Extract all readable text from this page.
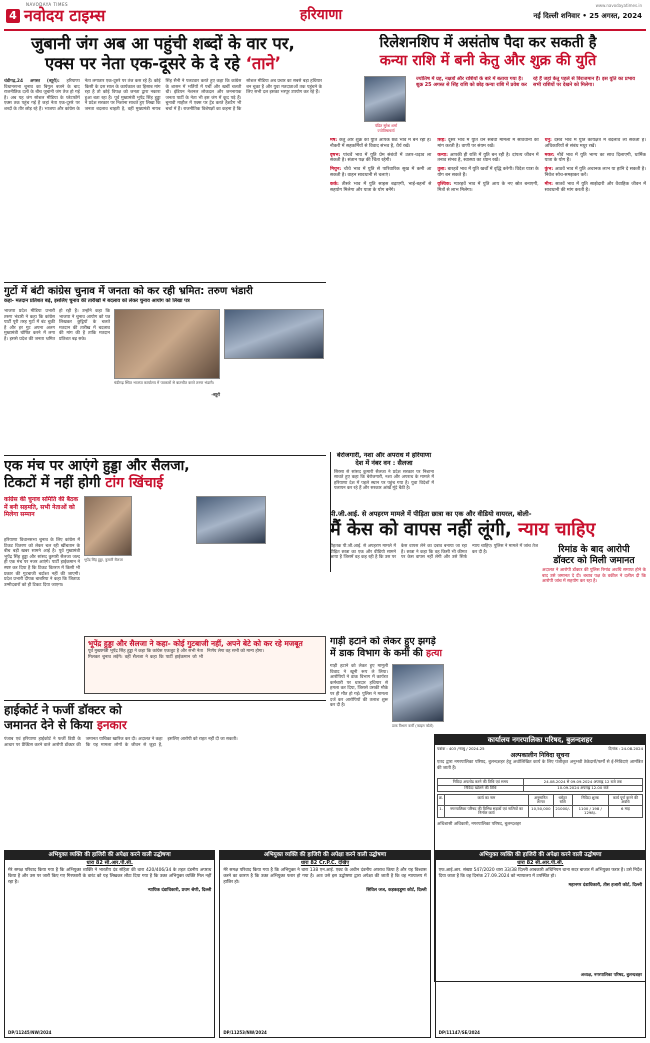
4
NAVODAYA TIMES
नवोदय टाइम्स	हरियाणा	नई दिल्ली शनिवार • 25 अगस्त, 2024
www.navodayatimes.in
जुबानी जंग अब आ पहुंची शब्दों के वार पर,
एक्स पर नेता एक-दूसरे के दे रहे ‘ताने’
चंडीगढ़,24 अगस्त (ब्यूरो): हरियाणा विधानसभा चुनाव का बिगुल बजने के बाद राजनीतिक दलों के बीच जुबानी जंग तेज हो गई है। अब यह जंग सोशल मीडिया के प्लेटफॉर्म एक्स तक पहुंच गई है जहां नेता एक-दूसरे पर शब्दों के तीर छोड़ रहे हैं। भाजपा और कांग्रेस के नेता लगातार एक-दूसरे पर तंज कस रहे हैं। कोई किसी के दस साल के कार्यकाल का हिसाब मांग रहा है तो कोई विपक्ष को जनता द्वारा नकारा हुआ बता रहा है। पूर्व मुख्यमंत्री भूपेंद्र सिंह हुड्डा ने प्रदेश सरकार पर निशाना साधते हुए लिखा कि जनता बदलाव चाहती है, वहीं मुख्यमंत्री नायब सिंह सैनी ने पलटवार करते हुए कहा कि कांग्रेस के शासन में भर्तियों में पर्ची और खर्ची चलती थी। इंडियन नेशनल लोकदल और जननायक जनता पार्टी के नेता भी इस जंग में कूद पड़े हैं। चुनावी माहौल में एक्स पर ट्रेंड करते हैशटैग भी चर्चा में हैं। राजनीतिक विशेषज्ञों का कहना है कि सोशल मीडिया अब प्रचार का सबसे बड़ा हथियार बन चुका है और युवा मतदाताओं तक पहुंचने के लिए सभी दल इसका भरपूर उपयोग कर रहे हैं।
रिलेशनशिप में असंतोष पैदा कर सकती है
कन्या राशि में बनी केतु और शुक्र की युति
पंडित सुरेश शर्मा
ज्योतिषाचार्य
ज्योतिष में ग्रह, नक्षत्रों और राशियों के बारे में बताया गया है। शुक्र 25 अगस्त से सिंह राशि को छोड़ कन्या राशि में प्रवेश कर रहे हैं जहां केतु पहले से विराजमान हैं। इस युति का प्रभाव सभी राशियों पर देखने को मिलेगा।
मेष: केतु और शुक्र की युति आपके छठे भाव में बन रही है। नौकरी में सहकर्मियों से विवाद संभव है, धैर्य रखें।
वृषभ: पांचवें भाव में युति प्रेम संबंधों में उतार-चढ़ाव ला सकती है। संतान पक्ष की चिंता रहेगी।
मिथुन: चौथे भाव में युति से पारिवारिक सुख में कमी आ सकती है। वाहन सावधानी से चलाएं।
कर्क: तीसरे भाव में युति साहस बढ़ाएगी, भाई-बहनों से सहयोग मिलेगा और यात्रा के योग बनेंगे।
सिंह: दूसरे भाव में युति धन संबंधी मामलों में सावधानी की मांग करती है। वाणी पर संयम रखें।
कन्या: आपकी ही राशि में युति बन रही है। दांपत्य जीवन में तनाव संभव है, स्वास्थ्य का ध्यान रखें।
तुला: बारहवें भाव में युति खर्चों में वृद्धि करेगी। विदेश यात्रा के योग बन सकते हैं।
वृश्चिक: ग्यारहवें भाव में युति आय के नए स्रोत बनाएगी, मित्रों से लाभ मिलेगा।
धनु: दसवें भाव में युति कार्यक्षेत्र में बदलाव ला सकती है। अधिकारियों से संबंध मधुर रखें।
मकर: नौवें भाव में युति भाग्य का साथ दिलाएगी, धार्मिक यात्रा के योग हैं।
कुंभ: आठवें भाव में युति अचानक लाभ या हानि दे सकती है। निवेश सोच-समझकर करें।
मीन: सातवें भाव में युति साझेदारी और वैवाहिक जीवन में सावधानी की मांग करती है।
गुटों में बंटी कांग्रेस चुनाव में जनता को कर रही भ्रमित: तरुण भंडारी
कहा- मतदान प्रतिशत बढ़े, इसलिए चुनाव की तारीखों में बदलाव को लेकर चुनाव आयोग को लिखा पत्र
भाजपा प्रदेश मीडिया प्रभारी तरुण भंडारी ने कहा कि कांग्रेस पार्टी पूरी तरह गुटों में बंट चुकी है और हर गुट अपना अलग मुख्यमंत्री घोषित करने में लगा है। इससे प्रदेश की जनता भ्रमित हो रही है। उन्होंने कहा कि भाजपा ने चुनाव आयोग को पत्र लिखकर छुट्टियों के चलते मतदान की तारीख में बदलाव की मांग की है ताकि मतदान प्रतिशत बढ़ सके।
चंडीगढ़ स्थित भाजपा कार्यालय में पत्रकारों से बातचीत करते तरुण भंडारी।
-ब्यूरो
एक मंच पर आएंगे हुड्डा और सैलजा,
टिकटों में नहीं होगी टांग खिंचाई
कांग्रेस की चुनाव समिति की बैठक में बनी सहमति, सभी नेताओं को मिलेगा सम्मान
हरियाणा विधानसभा चुनाव के लिए कांग्रेस में टिकट वितरण को लेकर चल रही खींचतान के बीच बड़ी खबर सामने आई है। पूर्व मुख्यमंत्री भूपेंद्र सिंह हुड्डा और सांसद कुमारी सैलजा जल्द ही एक मंच पर नजर आएंगे। पार्टी हाईकमान ने स्पष्ट कर दिया है कि टिकट वितरण में किसी भी प्रकार की गुटबाजी बर्दाश्त नहीं की जाएगी। प्रदेश प्रभारी दीपक बाबरिया ने कहा कि जिताऊ उम्मीदवारों को ही टिकट दिया जाएगा।
भूपेंद्र सिंह हुड्डा, कुमारी सैलजा
भूपेंद्र हुड्डा और सैलजा ने कहा- कोई गुटबाजी नहीं, अपने बेटे को कर रहे मजबूत
पूर्व मुख्यमंत्री भूपेंद्र सिंह हुड्डा ने कहा कि कांग्रेस एकजुट है और सभी नेता मिलकर चुनाव लड़ेंगे। वहीं सैलजा ने कहा कि पार्टी हाईकमान जो भी निर्णय लेगा वह सभी को मान्य होगा।
बेरोजगारी, नशा और अपराध में हरियाणा देश में नंबर वन : सैलजा
सिरसा से सांसद कुमारी सैलजा ने प्रदेश सरकार पर निशाना साधते हुए कहा कि बेरोजगारी, नशा और अपराध के मामले में हरियाणा देश में पहले स्थान पर पहुंच गया है। युवा विदेशों में पलायन कर रहे हैं और सरकार आंखें मूंदे बैठी है।
पी.जी.आई. से अपहरण मामले में पीड़िता छात्रा का एक और वीडियो वायरल, बोली-
मैं केस को वापस नहीं लूंगी, न्याय चाहिए
रोहतक पी.जी.आई. से अपहरण मामले में पीड़ित छात्रा का एक और वीडियो सामने आया है जिसमें वह कह रही है कि उस पर केस वापस लेने का दबाव बनाया जा रहा है। छात्रा ने कहा कि वह किसी भी कीमत पर केस वापस नहीं लेगी और उसे सिर्फ न्याय चाहिए। पुलिस ने मामले में जांच तेज कर दी है।	रिमांड के बाद आरोपी
डॉक्टर को मिली जमानत
अदालत ने आरोपी डॉक्टर की पुलिस रिमांड अवधि समाप्त होने के बाद उसे जमानत दे दी। बचाव पक्ष के वकील ने दलील दी कि आरोपी जांच में सहयोग कर रहा है।
गाड़ी हटाने को लेकर हुए झगड़े
में डाक विभाग के कर्मी की हत्या
गाड़ी हटाने को लेकर हुए मामूली विवाद ने खूनी रूप ले लिया। आरोपियों ने डाक विभाग में कार्यरत कर्मचारी पर धारदार हथियार से हमला कर दिया, जिससे उसकी मौके पर ही मौत हो गई। पुलिस ने मामला दर्ज कर आरोपियों की तलाश शुरू कर दी है।
डाक विभाग कर्मी (फाइल फोटो)
कार्यालय नगरपालिका परिषद, बुलन्दशहर
पत्रांक : 403 /नपबु / 2024-25	दिनांक : 24.08.2024
अल्पकालीन निविदा सूचना
एतद द्वारा नगरपालिका परिषद, बुलन्दशहर हेतु अधोलिखित कार्य के लिए पंजीकृत अनुभवी ठेकेदारों/फर्मों से ई-निविदाएं आमंत्रित की जाती हैं।
निविदा अपलोड करने की तिथि एवं समय	24.08.2024 से 09.09.2024 अपराह्न 12 बजे तक
निविदा खोलने की तिथि	10.09.2024 अपराह्न 12.00 बजे
क्र.	कार्य का नाम	अनुमानित लागत	धरोहर राशि	निविदा शुल्क	कार्य पूर्ण करने की अवधि
1.	नगरपालिका परिषद की विभिन्न सड़कों एवं नालियों का निर्माण कार्य	10,50,000	21000/-	1100 / 198 / 1298/-	6 माह
अधिशासी अधिकारी, नगरपालिका परिषद, बुलन्दशहर
अध्यक्ष, नगरपालिका परिषद, बुलन्दशहर
हाईकोर्ट ने फर्जी डॉक्टर को
जमानत देने से किया इनकार
पंजाब एवं हरियाणा हाईकोर्ट ने फर्जी डिग्री के आधार पर प्रैक्टिस करने वाले आरोपी डॉक्टर की जमानत याचिका खारिज कर दी। अदालत ने कहा कि यह मामला लोगों के जीवन से जुड़ा है, इसलिए आरोपी को राहत नहीं दी जा सकती।
अभियुक्त व्यक्ति की हाजिरी की अपेक्षा करने वाली उद्घोषणा
धारा 82 सी.आर.पी.सी.
मेरे समक्ष परिवाद किया गया है कि अभियुक्त व्यक्ति ने भारतीय दंड संहिता की धारा 420/406/34 के तहत दंडनीय अपराध किया है और उस पर जारी किए गए गिरफ्तारी के वारंट को यह लिखकर लौटा दिया गया है कि उक्त अभियुक्त व्यक्ति मिल नहीं रहा है।
न्यायिक दंडाधिकारी, प्रथम श्रेणी, दिल्ली
DP/11245/NW/2024
अभियुक्त व्यक्ति की हाजिरी की अपेक्षा करने वाली उद्घोषणा
धारा 82 Cr.P.C. देखिए
मेरे समक्ष परिवाद किया गया है कि अभियुक्त ने धारा 138 एन.आई. एक्ट के अधीन दंडनीय अपराध किया है और यह विश्वास करने का कारण है कि उक्त अभियुक्त फरार हो गया है। अतः उसे इस उद्घोषणा द्वारा अपेक्षा की जाती है कि वह न्यायालय में हाजिर हो।
सिविल जज, कड़कड़डूमा कोर्ट, दिल्ली
DP/11253/NW/2024
अभियुक्त व्यक्ति की हाजिरी की अपेक्षा करने वाली उद्घोषणा
धारा 82 सी.आर.पी.सी.
एफ.आई.आर. संख्या 547/2020 धारा 33/38 दिल्ली आबकारी अधिनियम थाना सदर बाजार में अभियुक्त फरार है। उसे निर्देश दिया जाता है कि वह दिनांक 27.09.2024 को न्यायालय में उपस्थित हो।
महानगर दंडाधिकारी, तीस हजारी कोर्ट, दिल्ली
DP/11147/SE/2024
